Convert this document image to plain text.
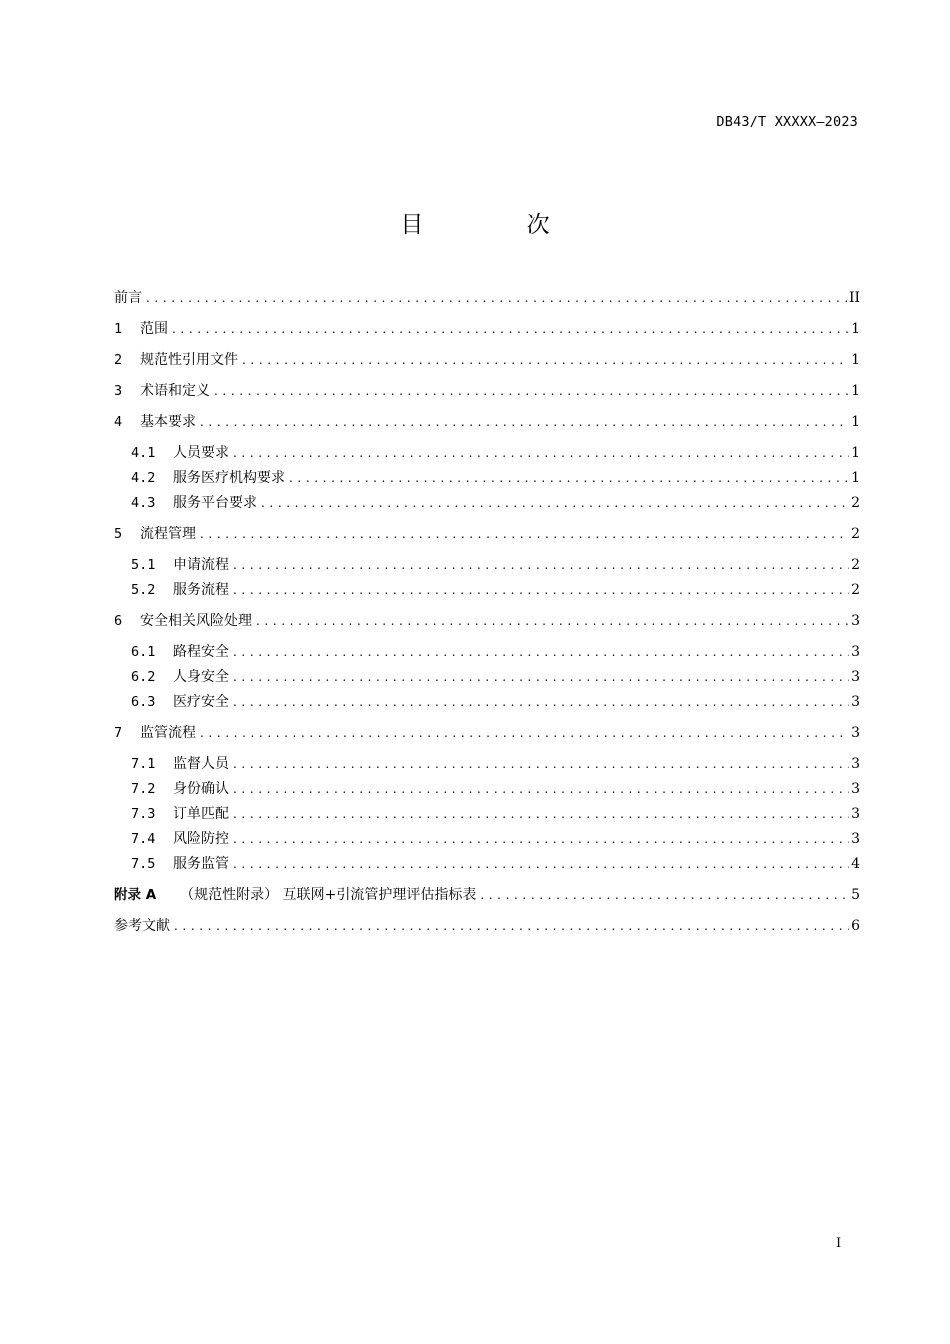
DB43/T XXXXX—2023
目 次
前言 .....	II
1	范围 .....	1
2	规范性引用文件 .....	1
3	术语和定义 .....	1
4	基本要求 .....	1
4.1	人员要求 .....	1
4.2	服务医疗机构要求 .....	1
4.3	服务平台要求 .....	2
5	流程管理 .....	2
5.1	申请流程 .....	2
5.2	服务流程 .....	2
6	安全相关风险处理 .....	3
6.1	路程安全 .....	3
6.2	人身安全 .....	3
6.3	医疗安全 .....	3
7	监管流程 .....	3
7.1	监督人员 .....	3
7.2	身份确认 .....	3
7.3	订单匹配 .....	3
7.4	风险防控 .....	3
7.5	服务监管 .....	4
附录 A （规范性附录） 互联网+引流管护理评估指标表 .....	5
参考文献 .....	6
I
